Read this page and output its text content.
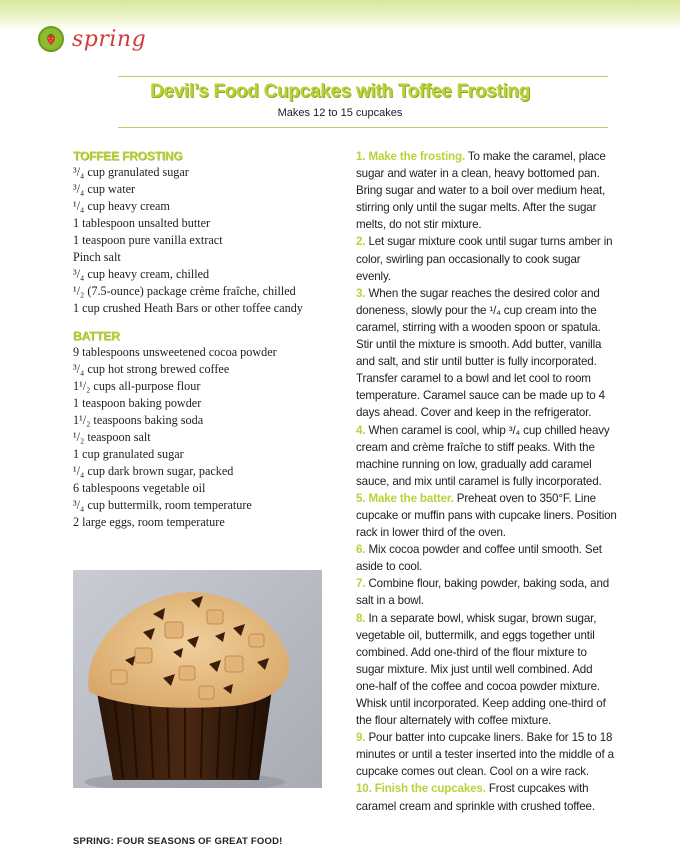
spring
Devil’s Food Cupcakes with Toffee Frosting
Makes 12 to 15 cupcakes
TOFFEE FROSTING
³/₄ cup granulated sugar
³/₄ cup water
¹/₄ cup heavy cream
1 tablespoon unsalted butter
1 teaspoon pure vanilla extract
Pinch salt
³/₄ cup heavy cream, chilled
¹/₂ (7.5-ounce) package crème fraîche, chilled
1 cup crushed Heath Bars or other toffee candy
BATTER
9 tablespoons unsweetened cocoa powder
³/₄ cup hot strong brewed coffee
1¹/₂ cups all-purpose flour
1 teaspoon baking powder
1¹/₂ teaspoons baking soda
¹/₂ teaspoon salt
1 cup granulated sugar
¹/₄ cup dark brown sugar, packed
6 tablespoons vegetable oil
³/₄ cup buttermilk, room temperature
2 large eggs, room temperature

1. Make the frosting. To make the caramel, place sugar and water in a clean, heavy bottomed pan. Bring sugar and water to a boil over medium heat, stirring only until the sugar melts. After the sugar melts, do not stir mixture.

2. Let sugar mixture cook until sugar turns amber in color, swirling pan occasionally to cook sugar evenly.

3. When the sugar reaches the desired color and doneness, slowly pour the ¹/₄ cup cream into the caramel, stirring with a wooden spoon or spatula. Stir until the mixture is smooth. Add butter, vanilla and salt, and stir until butter is fully incorporated. Transfer caramel to a bowl and let cool to room temperature. Caramel sauce can be made up to 4 days ahead. Cover and keep in the refrigerator.

4. When caramel is cool, whip ³/₄ cup chilled heavy cream and crème fraîche to stiff peaks. With the machine running on low, gradually add caramel sauce, and mix until caramel is fully incorporated.

5. Make the batter. Preheat oven to 350°F. Line cupcake or muffin pans with cupcake liners. Position rack in lower third of the oven.

6. Mix cocoa powder and coffee until smooth. Set aside to cool.

7. Combine flour, baking powder, baking soda, and salt in a bowl.

8. In a separate bowl, whisk sugar, brown sugar, vegetable oil, buttermilk, and eggs together until combined. Add one-third of the flour mixture to sugar mixture. Mix just until well combined. Add one-half of the coffee and cocoa powder mixture. Whisk until incorporated. Keep adding one-third of the flour alternately with coffee mixture.

9. Pour batter into cupcake liners. Bake for 15 to 18 minutes or until a tester inserted into the middle of a cupcake comes out clean. Cool on a wire rack.

10. Finish the cupcakes. Frost cupcakes with caramel cream and sprinkle with crushed toffee.

SPRING: FOUR SEASONS OF GREAT FOOD!
